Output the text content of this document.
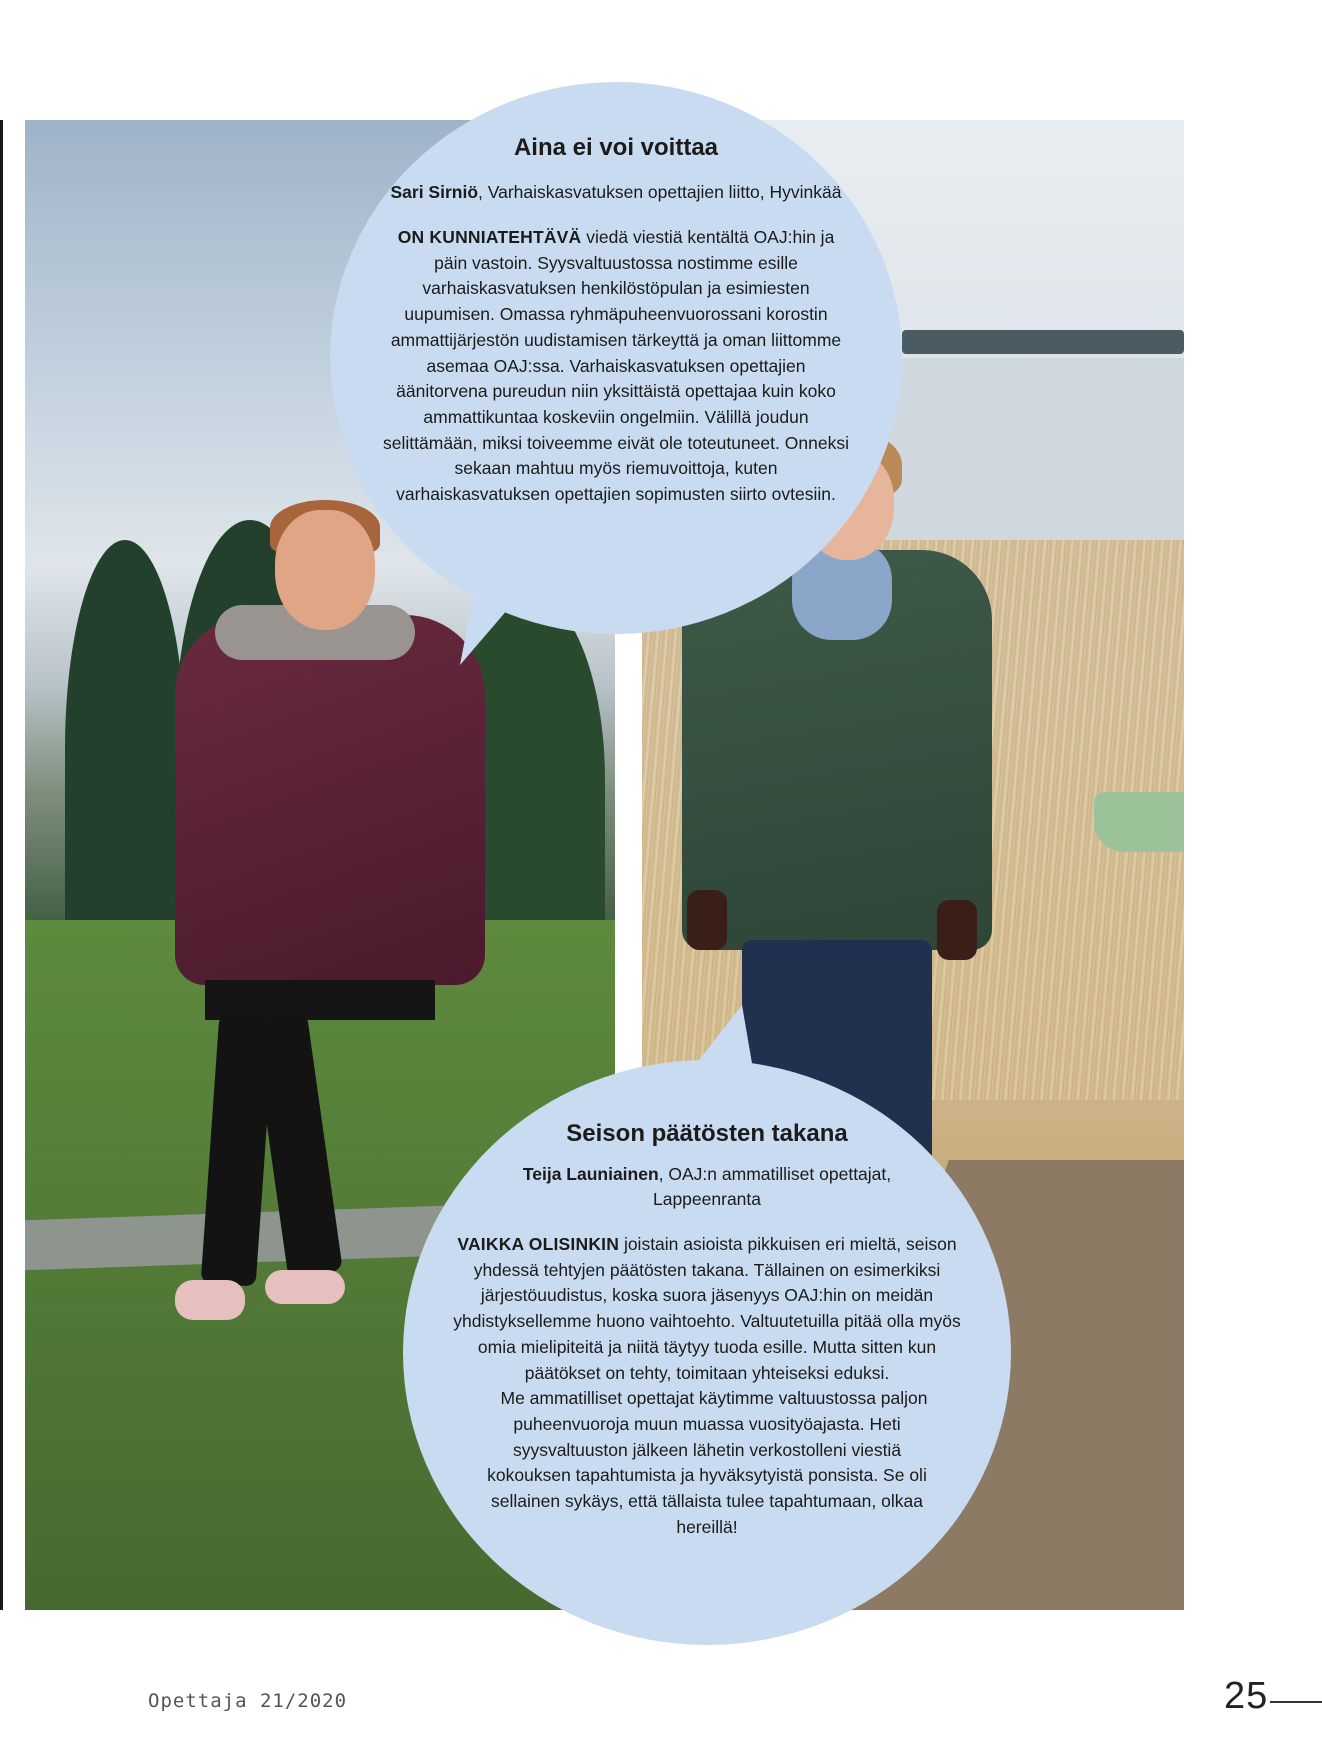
Aina ei voi voittaa

Sari Sirniö, Varhaiskasvatuksen opettajien liitto, Hyvinkää

ON KUNNIATEHTÄVÄ viedä viestiä kentältä OAJ:hin ja päin vastoin. Syysvaltuustossa nostimme esille varhaiskasvatuksen henkilöstöpulan ja esimiesten uupumisen. Omassa ryhmäpuheenvuorossani korostin ammattijärjestön uudistamisen tärkeyttä ja oman liittomme asemaa OAJ:ssa. Varhaiskasvatuksen opettajien äänitorvena pureudun niin yksittäistä opettajaa kuin koko ammattikuntaa koskeviin ongelmiin. Välillä joudun selittämään, miksi toiveemme eivät ole toteutuneet. Onneksi sekaan mahtuu myös riemuvoittoja, kuten varhaiskasvatuksen opettajien sopimusten siirto ovtesiin.

Seison päätösten takana

Teija Launiainen, OAJ:n ammatilliset opettajat, Lappeenranta

VAIKKA OLISINKIN joistain asioista pikkuisen eri mieltä, seison yhdessä tehtyjen päätösten takana. Tällainen on esimerkiksi järjestöuudistus, koska suora jäsenyys OAJ:hin on meidän yhdistyksellemme huono vaihtoehto. Valtuutetuilla pitää olla myös omia mielipiteitä ja niitä täytyy tuoda esille. Mutta sitten kun päätökset on tehty, toimitaan yhteiseksi eduksi.

Me ammatilliset opettajat käytimme valtuustossa paljon puheenvuoroja muun muassa vuosityöajasta. Heti syysvaltuuston jälkeen lähetin verkostolleni viestiä kokouksen tapahtumista ja hyväksytyistä ponsista. Se oli sellainen sykäys, että tällaista tulee tapahtumaan, olkaa hereillä!

Opettaja 21/2020	25
